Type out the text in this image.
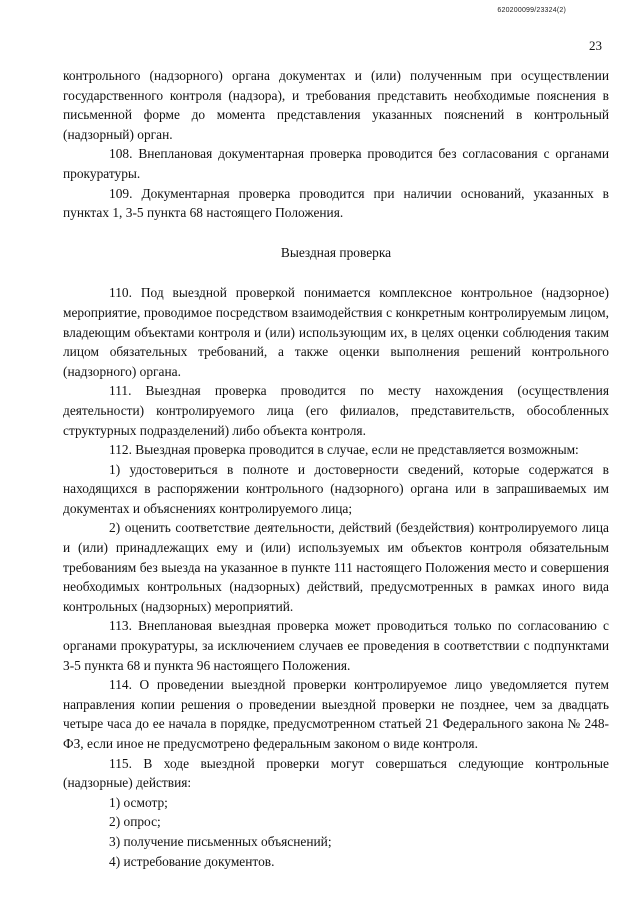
620200099/23324(2)
23

контрольного (надзорного) органа документах и (или) полученным при осуществлении государственного контроля (надзора), и требования представить необходимые пояснения в письменной форме до момента представления указанных пояснений в контрольный (надзорный) орган.

108. Внеплановая документарная проверка проводится без согласования с органами прокуратуры.

109. Документарная проверка проводится при наличии оснований, указанных в пунктах 1, 3-5 пункта 68 настоящего Положения.

Выездная проверка

110. Под выездной проверкой понимается комплексное контрольное (надзорное) мероприятие, проводимое посредством взаимодействия с конкретным контролируемым лицом, владеющим объектами контроля и (или) использующим их, в целях оценки соблюдения таким лицом обязательных требований, а также оценки выполнения решений контрольного (надзорного) органа.

111. Выездная проверка проводится по месту нахождения (осуществления деятельности) контролируемого лица (его филиалов, представительств, обособленных структурных подразделений) либо объекта контроля.

112. Выездная проверка проводится в случае, если не представляется возможным:

1) удостовериться в полноте и достоверности сведений, которые содержатся в находящихся в распоряжении контрольного (надзорного) органа или в запрашиваемых им документах и объяснениях контролируемого лица;

2) оценить соответствие деятельности, действий (бездействия) контролируемого лица и (или) принадлежащих ему и (или) используемых им объектов контроля обязательным требованиям без выезда на указанное в пункте 111 настоящего Положения место и совершения необходимых контрольных (надзорных) действий, предусмотренных в рамках иного вида контрольных (надзорных) мероприятий.

113. Внеплановая выездная проверка может проводиться только по согласованию с органами прокуратуры, за исключением случаев ее проведения в соответствии с подпунктами 3-5 пункта 68 и пункта 96 настоящего Положения.

114. О проведении выездной проверки контролируемое лицо уведомляется путем направления копии решения о проведении выездной проверки не позднее, чем за двадцать четыре часа до ее начала в порядке, предусмотренном статьей 21 Федерального закона № 248-ФЗ, если иное не предусмотрено федеральным законом о виде контроля.

115. В ходе выездной проверки могут совершаться следующие контрольные (надзорные) действия:

1) осмотр;

2) опрос;

3) получение письменных объяснений;

4) истребование документов.
